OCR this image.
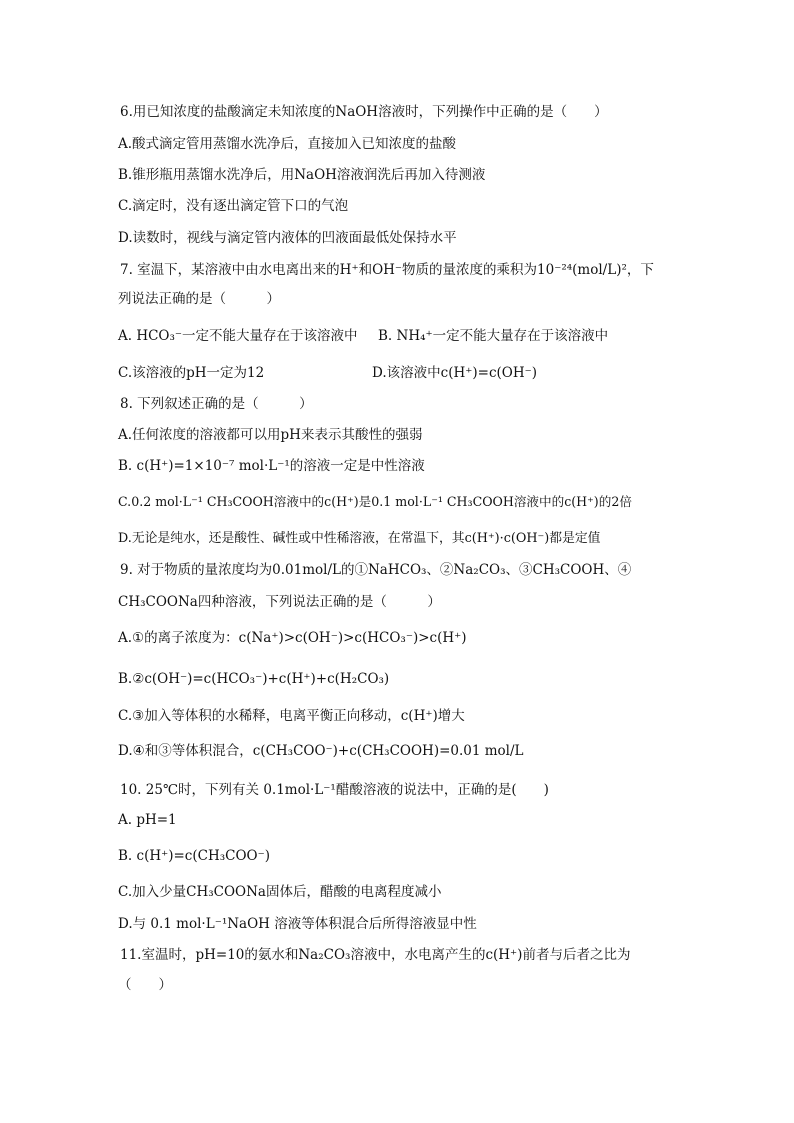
6.用已知浓度的盐酸滴定未知浓度的NaOH溶液时，下列操作中正确的是（　　）
A.酸式滴定管用蒸馏水洗净后，直接加入已知浓度的盐酸
B.锥形瓶用蒸馏水洗净后，用NaOH溶液润洗后再加入待测液
C.滴定时，没有逐出滴定管下口的气泡
D.读数时，视线与滴定管内液体的凹液面最低处保持水平
7. 室温下，某溶液中由水电离出来的H⁺和OH⁻物质的量浓度的乘积为10⁻²⁴(mol/L)²，下
列说法正确的是（　　　）
A. HCO₃⁻一定不能大量存在于该溶液中 B. NH₄⁺一定不能大量存在于该溶液中
C.该溶液的pH一定为12	D.该溶液中c(H⁺)=c(OH⁻)
8. 下列叙述正确的是（　　　）
A.任何浓度的溶液都可以用pH来表示其酸性的强弱
B. c(H⁺)=1×10⁻⁷ mol·L⁻¹的溶液一定是中性溶液
C.0.2 mol·L⁻¹ CH₃COOH溶液中的c(H⁺)是0.1 mol·L⁻¹ CH₃COOH溶液中的c(H⁺)的2倍
D.无论是纯水，还是酸性、碱性或中性稀溶液，在常温下，其c(H⁺)·c(OH⁻)都是定值
9. 对于物质的量浓度均为0.01mol/L的①NaHCO₃、②Na₂CO₃、③CH₃COOH、④
CH₃COONa四种溶液，下列说法正确的是（　　　）
A.①的离子浓度为：c(Na⁺)>c(OH⁻)>c(HCO₃⁻)>c(H⁺)
B.②c(OH⁻)=c(HCO₃⁻)+c(H⁺)+c(H₂CO₃)
C.③加入等体积的水稀释，电离平衡正向移动，c(H⁺)增大
D.④和③等体积混合，c(CH₃COO⁻)+c(CH₃COOH)=0.01 mol/L
10. 25℃时，下列有关 0.1mol·L⁻¹醋酸溶液的说法中，正确的是(　　)
A. pH=1
B. c(H⁺)=c(CH₃COO⁻)
C.加入少量CH₃COONa固体后，醋酸的电离程度减小
D.与 0.1 mol·L⁻¹NaOH 溶液等体积混合后所得溶液显中性
11.室温时，pH=10的氨水和Na₂CO₃溶液中，水电离产生的c(H⁺)前者与后者之比为
（　　）
